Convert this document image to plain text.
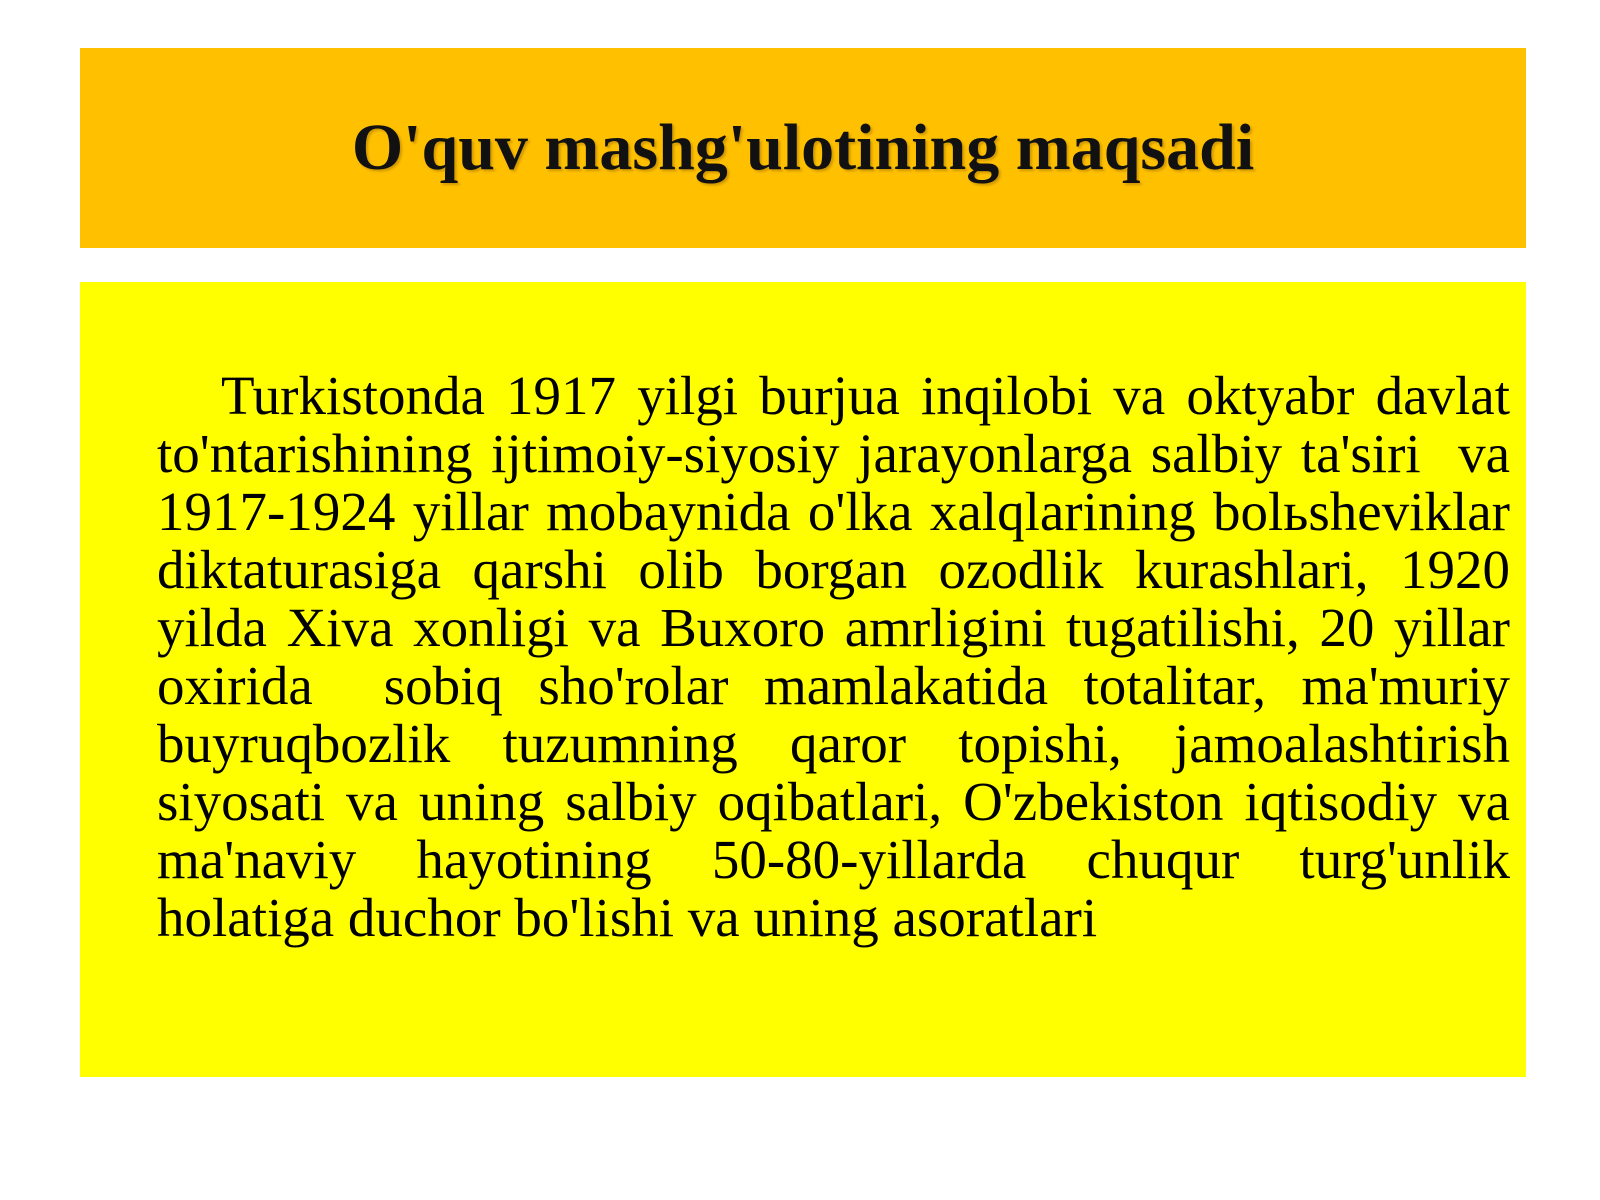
O'quv mashg'ulotining maqsadi

Turkistonda 1917 yilgi burjua inqilobi va oktyabr davlat to'ntarishining ijtimoiy-siyosiy jarayonlarga salbiy ta'siri  va 1917-1924 yillar mobaynida o'lka xalqlarining bolьsheviklar diktaturasiga qarshi olib borgan ozodlik kurashlari, 1920 yilda Xiva xonligi va Buxoro amrligini tugatilishi, 20 yillar oxirida  sobiq sho'rolar mamlakatida totalitar, ma'muriy buyruqbozlik tuzumning qaror topishi, jamoalashtirish siyosati va uning salbiy oqibatlari, O'zbekiston iqtisodiy va ma'naviy hayotining 50-80-yillarda chuqur turg'unlik holatiga duchor bo'lishi va uning asoratlari
